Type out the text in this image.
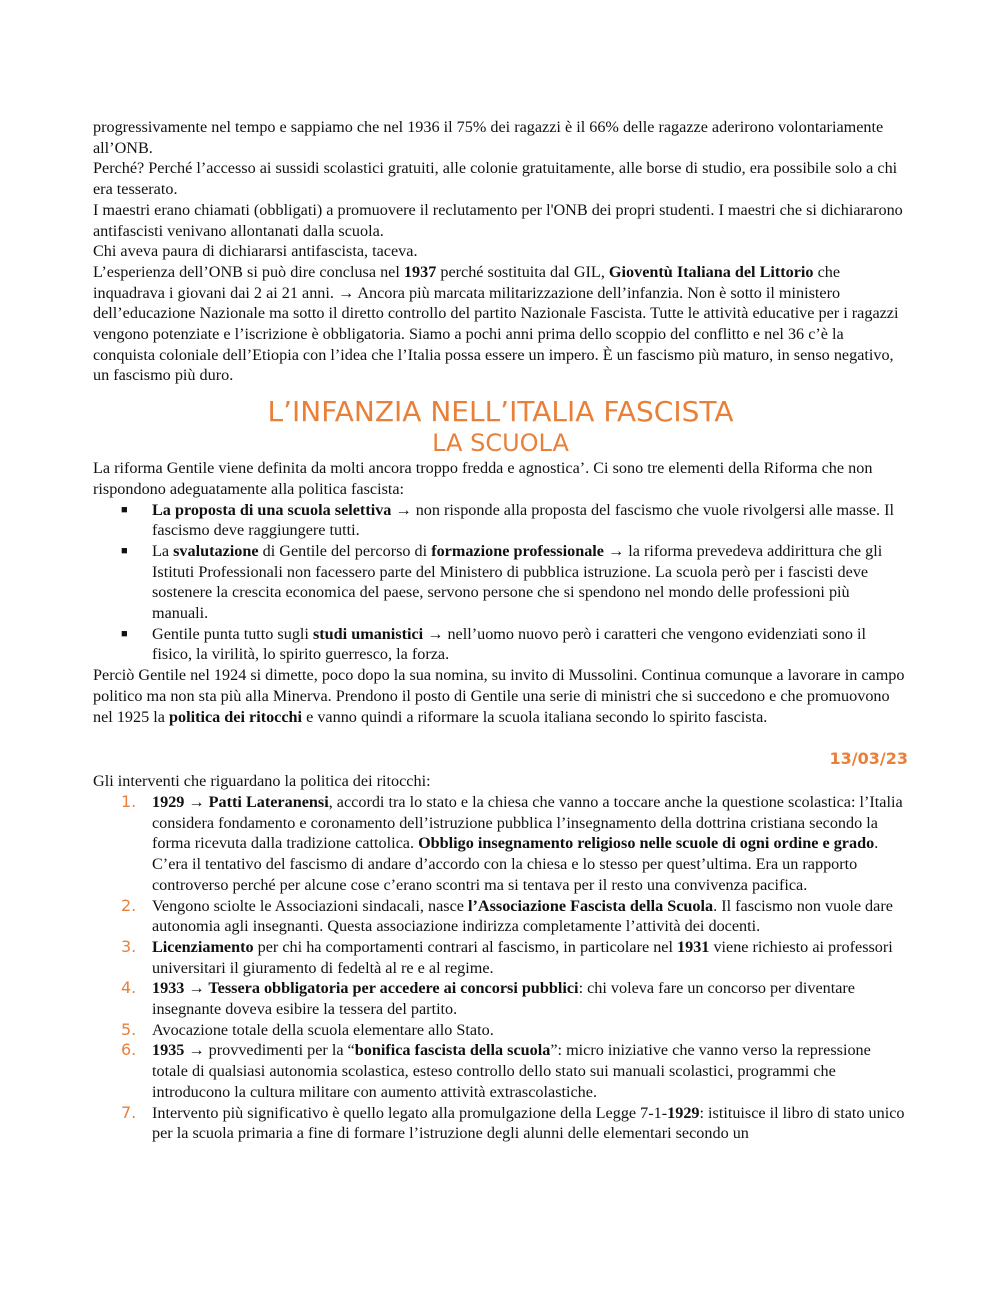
progressivamente nel tempo e sappiamo che nel 1936 il 75% dei ragazzi è il 66% delle ragazze aderirono volontariamente all’ONB.

Perché? Perché l’accesso ai sussidi scolastici gratuiti, alle colonie gratuitamente, alle borse di studio, era possibile solo a chi era tesserato.

I maestri erano chiamati (obbligati) a promuovere il reclutamento per l'ONB dei propri studenti. I maestri che si dichiararono antifascisti venivano allontanati dalla scuola.

Chi aveva paura di dichiararsi antifascista, taceva.

L’esperienza dell’ONB si può dire conclusa nel 1937 perché sostituita dal GIL, Gioventù Italiana del Littorio che inquadrava i giovani dai 2 ai 21 anni. → Ancora più marcata militarizzazione dell’infanzia. Non è sotto il ministero dell’educazione Nazionale ma sotto il diretto controllo del partito Nazionale Fascista. Tutte le attività educative per i ragazzi vengono potenziate e l’iscrizione è obbligatoria. Siamo a pochi anni prima dello scoppio del conflitto e nel 36 c’è la conquista coloniale dell’Etiopia con l’idea che l’Italia possa essere un impero. È un fascismo più maturo, in senso negativo, un fascismo più duro.

L’INFANZIA NELL’ITALIA FASCISTA
LA SCUOLA

La riforma Gentile viene definita da molti ancora troppo fredda e agnostica’. Ci sono tre elementi della Riforma che non rispondono adeguatamente alla politica fascista:

■ La proposta di una scuola selettiva → non risponde alla proposta del fascismo che vuole rivolgersi alle masse. Il fascismo deve raggiungere tutti.
■ La svalutazione di Gentile del percorso di formazione professionale → la riforma prevedeva addirittura che gli Istituti Professionali non facessero parte del Ministero di pubblica istruzione. La scuola però per i fascisti deve sostenere la crescita economica del paese, servono persone che si spendono nel mondo delle professioni più manuali.
■ Gentile punta tutto sugli studi umanistici → nell’uomo nuovo però i caratteri che vengono evidenziati sono il fisico, la virilità, lo spirito guerresco, la forza.

Perciò Gentile nel 1924 si dimette, poco dopo la sua nomina, su invito di Mussolini. Continua comunque a lavorare in campo politico ma non sta più alla Minerva. Prendono il posto di Gentile una serie di ministri che si succedono e che promuovono nel 1925 la politica dei ritocchi e vanno quindi a riformare la scuola italiana secondo lo spirito fascista.

13/03/23

Gli interventi che riguardano la politica dei ritocchi:

1. 1929 → Patti Lateranensi, accordi tra lo stato e la chiesa che vanno a toccare anche la questione scolastica: l’Italia considera fondamento e coronamento dell’istruzione pubblica l’insegnamento della dottrina cristiana secondo la forma ricevuta dalla tradizione cattolica. Obbligo insegnamento religioso nelle scuole di ogni ordine e grado. C’era il tentativo del fascismo di andare d’accordo con la chiesa e lo stesso per quest’ultima. Era un rapporto controverso perché per alcune cose c’erano scontri ma si tentava per il resto una convivenza pacifica.
2. Vengono sciolte le Associazioni sindacali, nasce l’Associazione Fascista della Scuola. Il fascismo non vuole dare autonomia agli insegnanti. Questa associazione indirizza completamente l’attività dei docenti.
3. Licenziamento per chi ha comportamenti contrari al fascismo, in particolare nel 1931 viene richiesto ai professori universitari il giuramento di fedeltà al re e al regime.
4. 1933 → Tessera obbligatoria per accedere ai concorsi pubblici: chi voleva fare un concorso per diventare insegnante doveva esibire la tessera del partito.
5. Avocazione totale della scuola elementare allo Stato.
6. 1935 → provvedimenti per la “bonifica fascista della scuola”: micro iniziative che vanno verso la repressione totale di qualsiasi autonomia scolastica, esteso controllo dello stato sui manuali scolastici, programmi che introducono la cultura militare con aumento attività extrascolastiche.
7. Intervento più significativo è quello legato alla promulgazione della Legge 7-1-1929: istituisce il libro di stato unico per la scuola primaria a fine di formare l’istruzione degli alunni delle elementari secondo un
